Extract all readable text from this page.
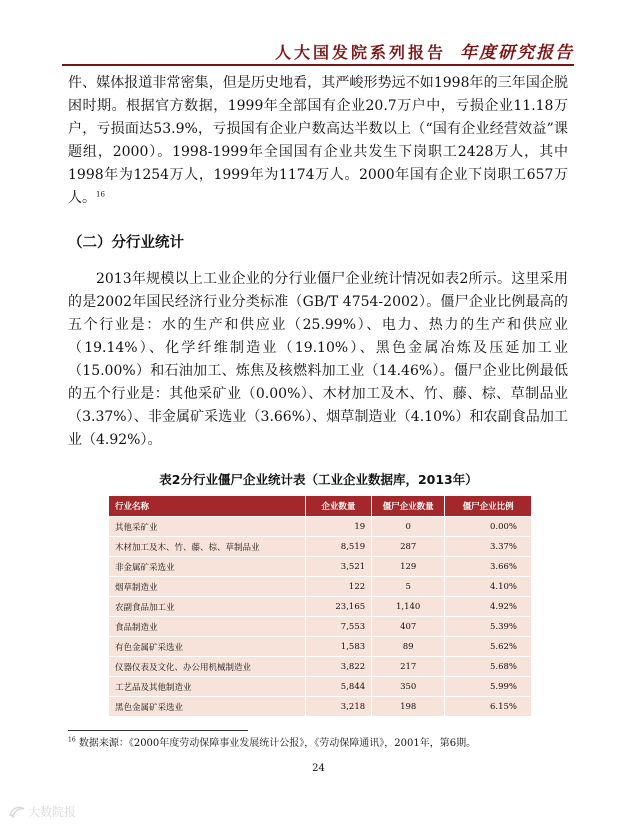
人大国发院系列报告 年度研究报告

件、媒体报道非常密集，但是历史地看，其严峻形势远不如1998年的三年国企脱困时期。根据官方数据，1999年全部国有企业20.7万户中，亏损企业11.18万户，亏损面达53.9%，亏损国有企业户数高达半数以上（“国有企业经营效益”课题组，2000）。1998-1999年全国国有企业共发生下岗职工2428万人，其中1998年为1254万人，1999年为1174万人。2000年国有企业下岗职工657万人。$^{16}$

（二）分行业统计

2013年规模以上工业企业的分行业僵尸企业统计情况如表2所示。这里采用的是2002年国民经济行业分类标准（GB/T 4754-2002）。僵尸企业比例最高的五个行业是：水的生产和供应业（25.99%）、电力、热力的生产和供应业（19.14%）、化学纤维制造业（19.10%）、黑色金属冶炼及压延加工业（15.00%）和石油加工、炼焦及核燃料加工业（14.46%）。僵尸企业比例最低的五个行业是：其他采矿业（0.00%）、木材加工及木、竹、藤、棕、草制品业（3.37%）、非金属矿采选业（3.66%）、烟草制造业（4.10%）和农副食品加工业（4.92%）。

表2分行业僵尸企业统计表（工业企业数据库，2013年）
行业名称	企业数量	僵尸企业数量	僵尸企业比例
其他采矿业	19	0	0.00%
木材加工及木、竹、藤、棕、草制品业	8,519	287	3.37%
非金属矿采选业	3,521	129	3.66%
烟草制造业	122	5	4.10%
农副食品加工业	23,165	1,140	4.92%
食品制造业	7,553	407	5.39%
有色金属矿采选业	1,583	89	5.62%
仪器仪表及文化、办公用机械制造业	3,822	217	5.68%
工艺品及其他制造业	5,844	350	5.99%
黑色金属矿采选业	3,218	198	6.15%
$^{16}$ 数据来源：《2000年度劳动保障事业发展统计公报》，《劳动保障通讯》，2001年，第6期。
24
大数院报
